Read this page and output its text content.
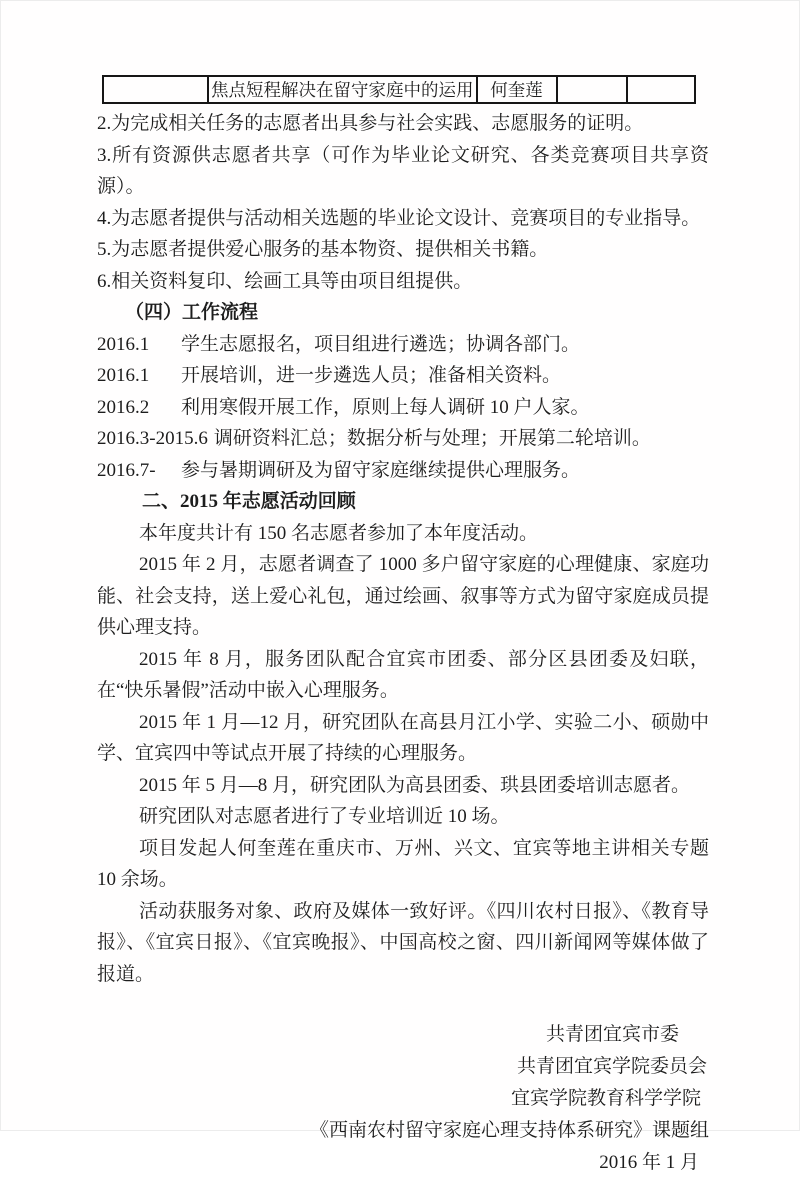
	焦点短程解决在留守家庭中的运用	何奎莲		

2.为完成相关任务的志愿者出具参与社会实践、志愿服务的证明。

3.所有资源供志愿者共享（可作为毕业论文研究、各类竞赛项目共享资源）。

4.为志愿者提供与活动相关选题的毕业论文设计、竞赛项目的专业指导。

5.为志愿者提供爱心服务的基本物资、提供相关书籍。

6.相关资料复印、绘画工具等由项目组提供。

（四）工作流程

2016.1 学生志愿报名，项目组进行遴选；协调各部门。
2016.1 开展培训，进一步遴选人员；准备相关资料。
2016.2 利用寒假开展工作，原则上每人调研 10 户人家。
2016.3-2015.6 调研资料汇总；数据分析与处理；开展第二轮培训。
2016.7- 参与暑期调研及为留守家庭继续提供心理服务。

二、2015 年志愿活动回顾

本年度共计有 150 名志愿者参加了本年度活动。

2015 年 2 月，志愿者调查了 1000 多户留守家庭的心理健康、家庭功能、社会支持，送上爱心礼包，通过绘画、叙事等方式为留守家庭成员提供心理支持。

2015 年 8 月，服务团队配合宜宾市团委、部分区县团委及妇联，在“快乐暑假”活动中嵌入心理服务。

2015 年 1 月—12 月，研究团队在高县月江小学、实验二小、硕勋中学、宜宾四中等试点开展了持续的心理服务。

2015 年 5 月—8 月，研究团队为高县团委、珙县团委培训志愿者。

研究团队对志愿者进行了专业培训近 10 场。

项目发起人何奎莲在重庆市、万州、兴文、宜宾等地主讲相关专题 10 余场。

活动获服务对象、政府及媒体一致好评。《四川农村日报》、《教育导报》、《宜宾日报》、《宜宾晚报》、中国高校之窗、四川新闻网等媒体做了报道。

共青团宜宾市委
共青团宜宾学院委员会
宜宾学院教育科学学院
《西南农村留守家庭心理支持体系研究》课题组
2016 年 1 月
